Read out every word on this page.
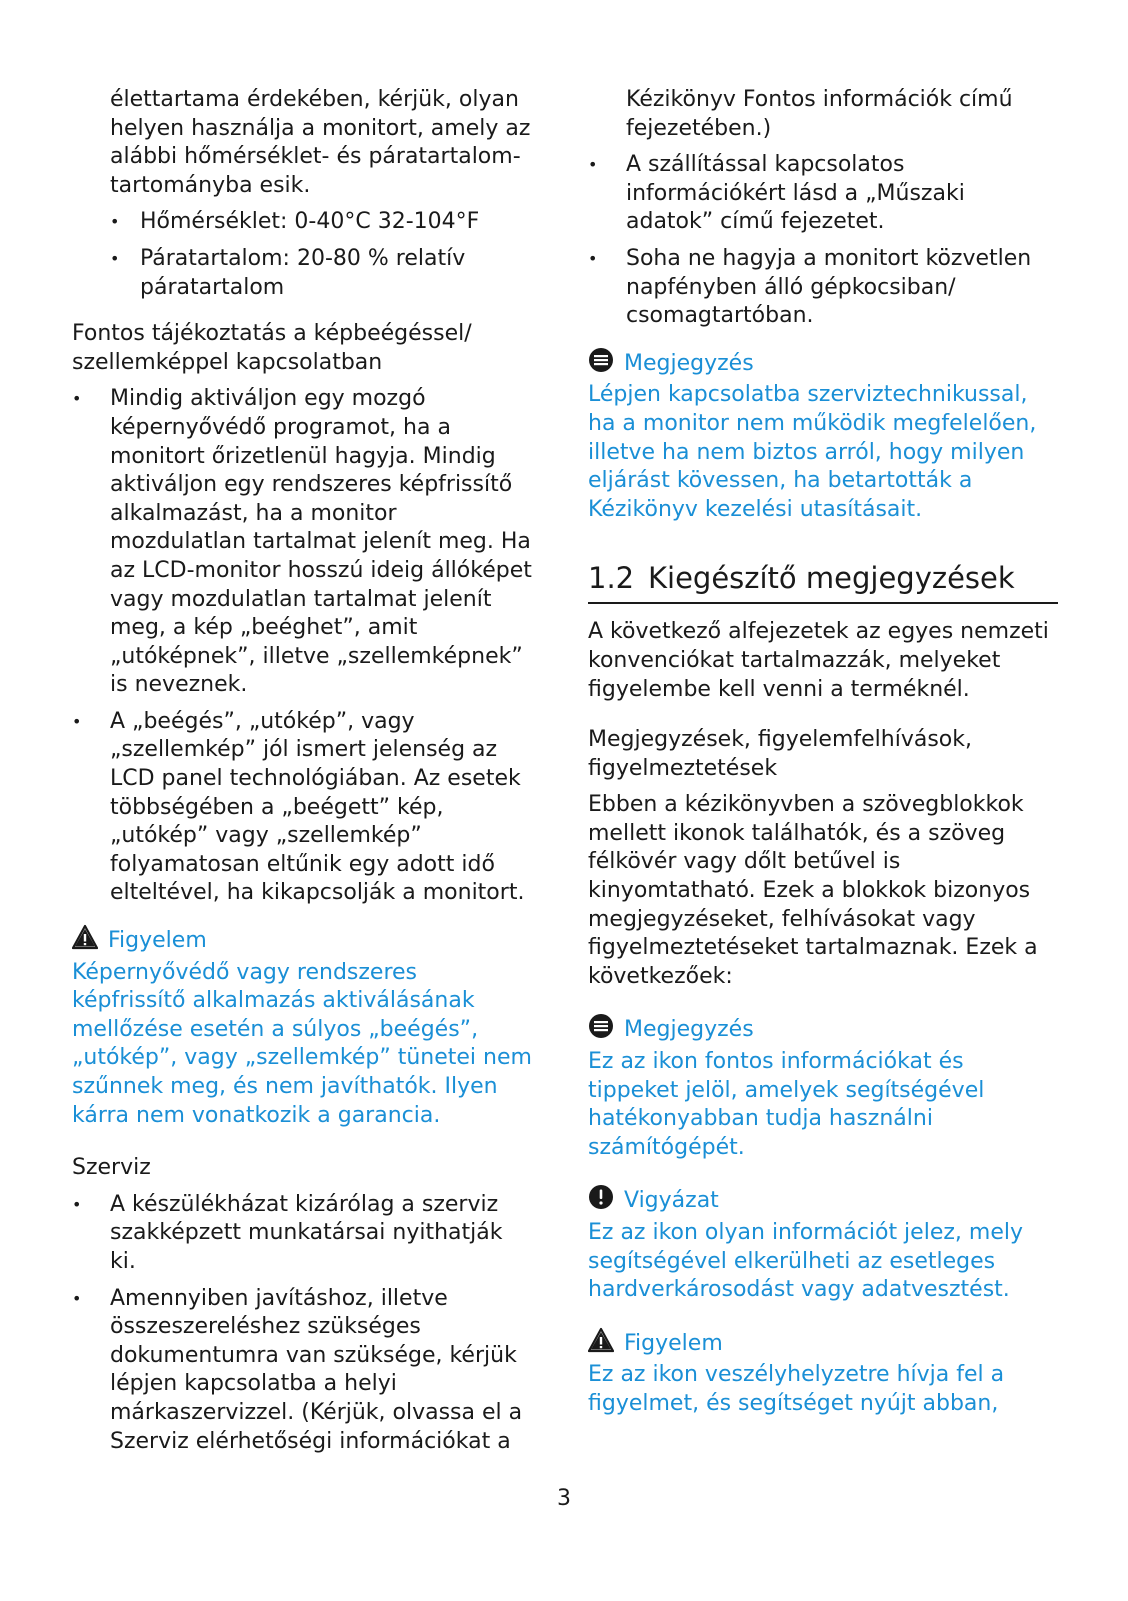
élettartama érdekében, kérjük, olyan helyen használja a monitort, amely az alábbi hőmérséklet- és páratartalom-tartományba esik.

• Hőmérséklet: 0-40°C 32-104°F
• Páratartalom: 20-80 % relatív páratartalom

Fontos tájékoztatás a képbeégéssel/ szellemképpel kapcsolatban

• Mindig aktiváljon egy mozgó képernyővédő programot, ha a monitort őrizetlenül hagyja. Mindig aktiváljon egy rendszeres képfrissítő alkalmazást, ha a monitor mozdulatlan tartalmat jelenít meg. Ha az LCD-monitor hosszú ideig állóképet vagy mozdulatlan tartalmat jelenít meg, a kép „beéghet”, amit „utóképnek”, illetve „szellemképnek” is neveznek.
• A „beégés”, „utókép”, vagy „szellemkép” jól ismert jelenség az LCD panel technológiában. Az esetek többségében a „beégett” kép, „utókép” vagy „szellemkép” folyamatosan eltűnik egy adott idő elteltével, ha kikapcsolják a monitort.
Figyelem

Képernyővédő vagy rendszeres képfrissítő alkalmazás aktiválásának mellőzése esetén a súlyos „beégés”, „utókép”, vagy „szellemkép” tünetei nem szűnnek meg, és nem javíthatók. Ilyen kárra nem vonatkozik a garancia.

Szerviz

• A készülékházat kizárólag a szerviz szakképzett munkatársai nyithatják ki.
• Amennyiben javításhoz, illetve összeszereléshez szükséges dokumentumra van szüksége, kérjük lépjen kapcsolatba a helyi márkaszervizzel. (Kérjük, olvassa el a Szerviz elérhetőségi információkat a

Kézikönyv Fontos információk című fejezetében.)

• A szállítással kapcsolatos információkért lásd a „Műszaki adatok” című fejezetet.
• Soha ne hagyja a monitort közvetlen napfényben álló gépkocsiban/ csomagtartóban.
Megjegyzés

Lépjen kapcsolatba szerviztechnikussal, ha a monitor nem működik megfelelően, illetve ha nem biztos arról, hogy milyen eljárást kövessen, ha betartották a Kézikönyv kezelési utasításait.

1.2 Kiegészítő megjegyzések

A következő alfejezetek az egyes nemzeti konvenciókat tartalmazzák, melyeket figyelembe kell venni a terméknél.

Megjegyzések, figyelemfelhívások, figyelmeztetések

Ebben a kézikönyvben a szövegblokkok mellett ikonok találhatók, és a szöveg félkövér vagy dőlt betűvel is kinyomtatható. Ezek a blokkok bizonyos megjegyzéseket, felhívásokat vagy figyelmeztetéseket tartalmaznak. Ezek a következőek:

Megjegyzés

Ez az ikon fontos információkat és tippeket jelöl, amelyek segítségével hatékonyabban tudja használni számítógépét.

Vigyázat

Ez az ikon olyan információt jelez, mely segítségével elkerülheti az esetleges hardverkárosodást vagy adatvesztést.

Figyelem

Ez az ikon veszélyhelyzetre hívja fel a figyelmet, és segítséget nyújt abban,

3
